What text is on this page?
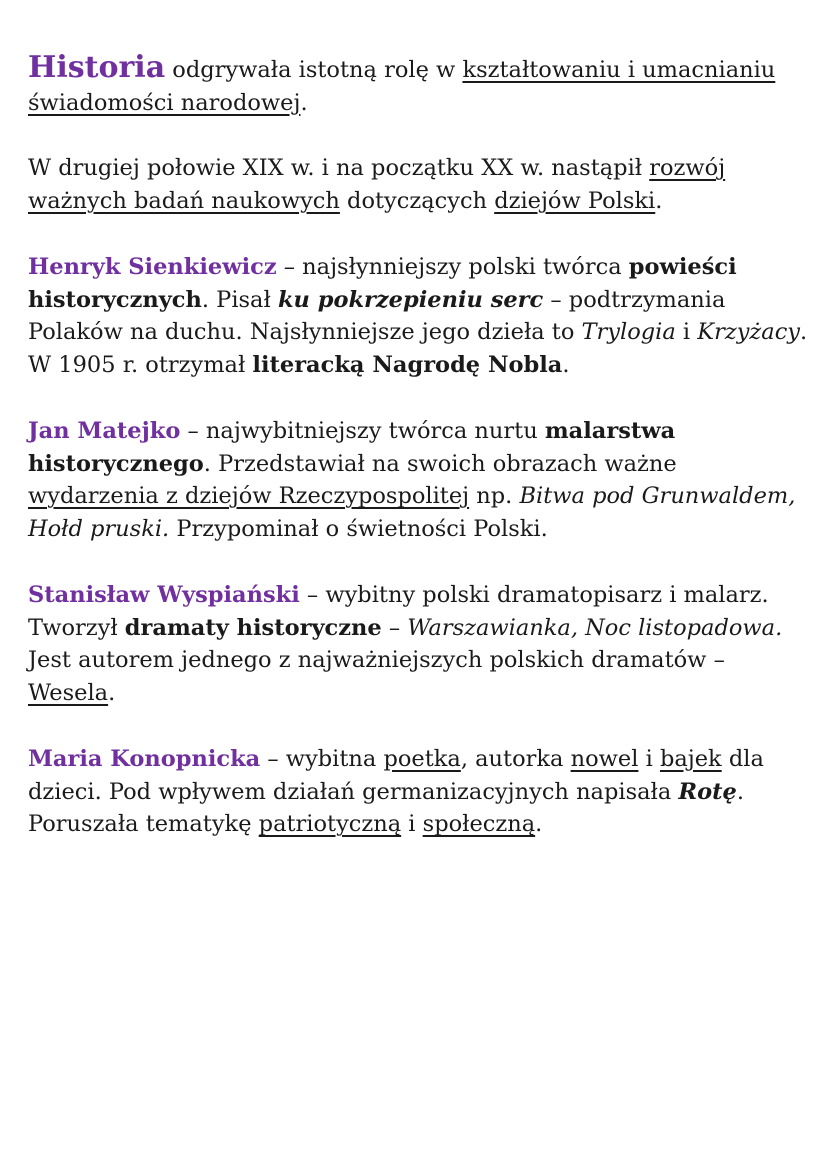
Historia odgrywała istotną rolę w kształtowaniu i umacnianiu świadomości narodowej.

W drugiej połowie XIX w. i na początku XX w. nastąpił rozwój ważnych badań naukowych dotyczących dziejów Polski.

Henryk Sienkiewicz – najsłynniejszy polski twórca powieści historycznych. Pisał ku pokrzepieniu serc – podtrzymania Polaków na duchu. Najsłynniejsze jego dzieła to Trylogia i Krzyżacy. W 1905 r. otrzymał literacką Nagrodę Nobla.

Jan Matejko – najwybitniejszy twórca nurtu malarstwa historycznego. Przedstawiał na swoich obrazach ważne wydarzenia z dziejów Rzeczypospolitej np. Bitwa pod Grunwaldem, Hołd pruski. Przypominał o świetności Polski.

Stanisław Wyspiański – wybitny polski dramatopisarz i malarz. Tworzył dramaty historyczne – Warszawianka, Noc listopadowa. Jest autorem jednego z najważniejszych polskich dramatów – Wesela.

Maria Konopnicka – wybitna poetka, autorka nowel i bajek dla dzieci. Pod wpływem działań germanizacyjnych napisała Rotę. Poruszała tematykę patriotyczną i społeczną.
